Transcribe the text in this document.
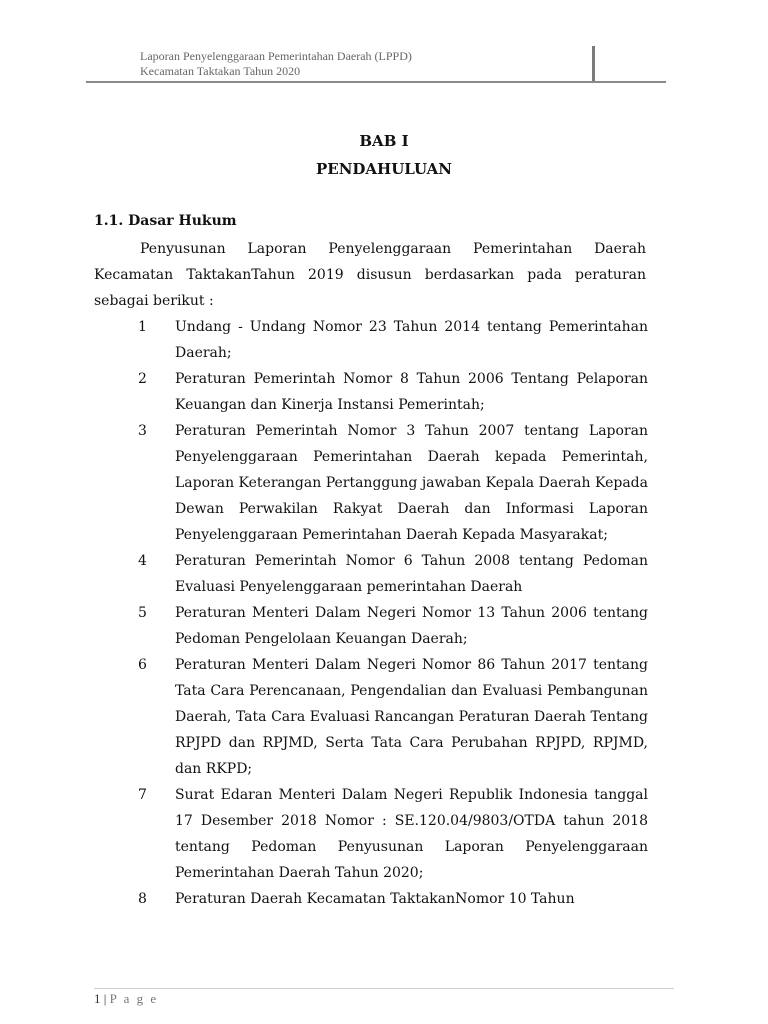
Laporan Penyelenggaraan Pemerintahan Daerah (LPPD)
Kecamatan Taktakan Tahun 2020
BAB I
PENDAHULUAN
1.1. Dasar Hukum
Penyusunan Laporan Penyelenggaraan Pemerintahan Daerah Kecamatan TaktakanTahun 2019 disusun berdasarkan pada peraturan sebagai berikut :
1	Undang - Undang Nomor 23 Tahun 2014 tentang Pemerintahan Daerah;
2	Peraturan Pemerintah Nomor 8 Tahun 2006 Tentang Pelaporan Keuangan dan Kinerja Instansi Pemerintah;
3	Peraturan Pemerintah Nomor 3 Tahun 2007 tentang Laporan Penyelenggaraan Pemerintahan Daerah kepada Pemerintah, Laporan Keterangan Pertanggung jawaban Kepala Daerah Kepada Dewan Perwakilan Rakyat Daerah dan Informasi Laporan Penyelenggaraan Pemerintahan Daerah Kepada Masyarakat;
4	Peraturan Pemerintah Nomor 6 Tahun 2008 tentang Pedoman Evaluasi Penyelenggaraan pemerintahan Daerah
5	Peraturan Menteri Dalam Negeri Nomor 13 Tahun 2006 tentang Pedoman Pengelolaan Keuangan Daerah;
6	Peraturan Menteri Dalam Negeri Nomor 86 Tahun 2017 tentang Tata Cara Perencanaan, Pengendalian dan Evaluasi Pembangunan Daerah, Tata Cara Evaluasi Rancangan Peraturan Daerah Tentang RPJPD dan RPJMD, Serta Tata Cara Perubahan RPJPD, RPJMD, dan RKPD;
7	Surat Edaran Menteri Dalam Negeri Republik Indonesia tanggal 17 Desember 2018 Nomor : SE.120.04/9803/OTDA tahun 2018 tentang Pedoman Penyusunan Laporan Penyelenggaraan Pemerintahan Daerah Tahun 2020;
8	Peraturan Daerah Kecamatan TaktakanNomor 10 Tahun
1 | P a g e
